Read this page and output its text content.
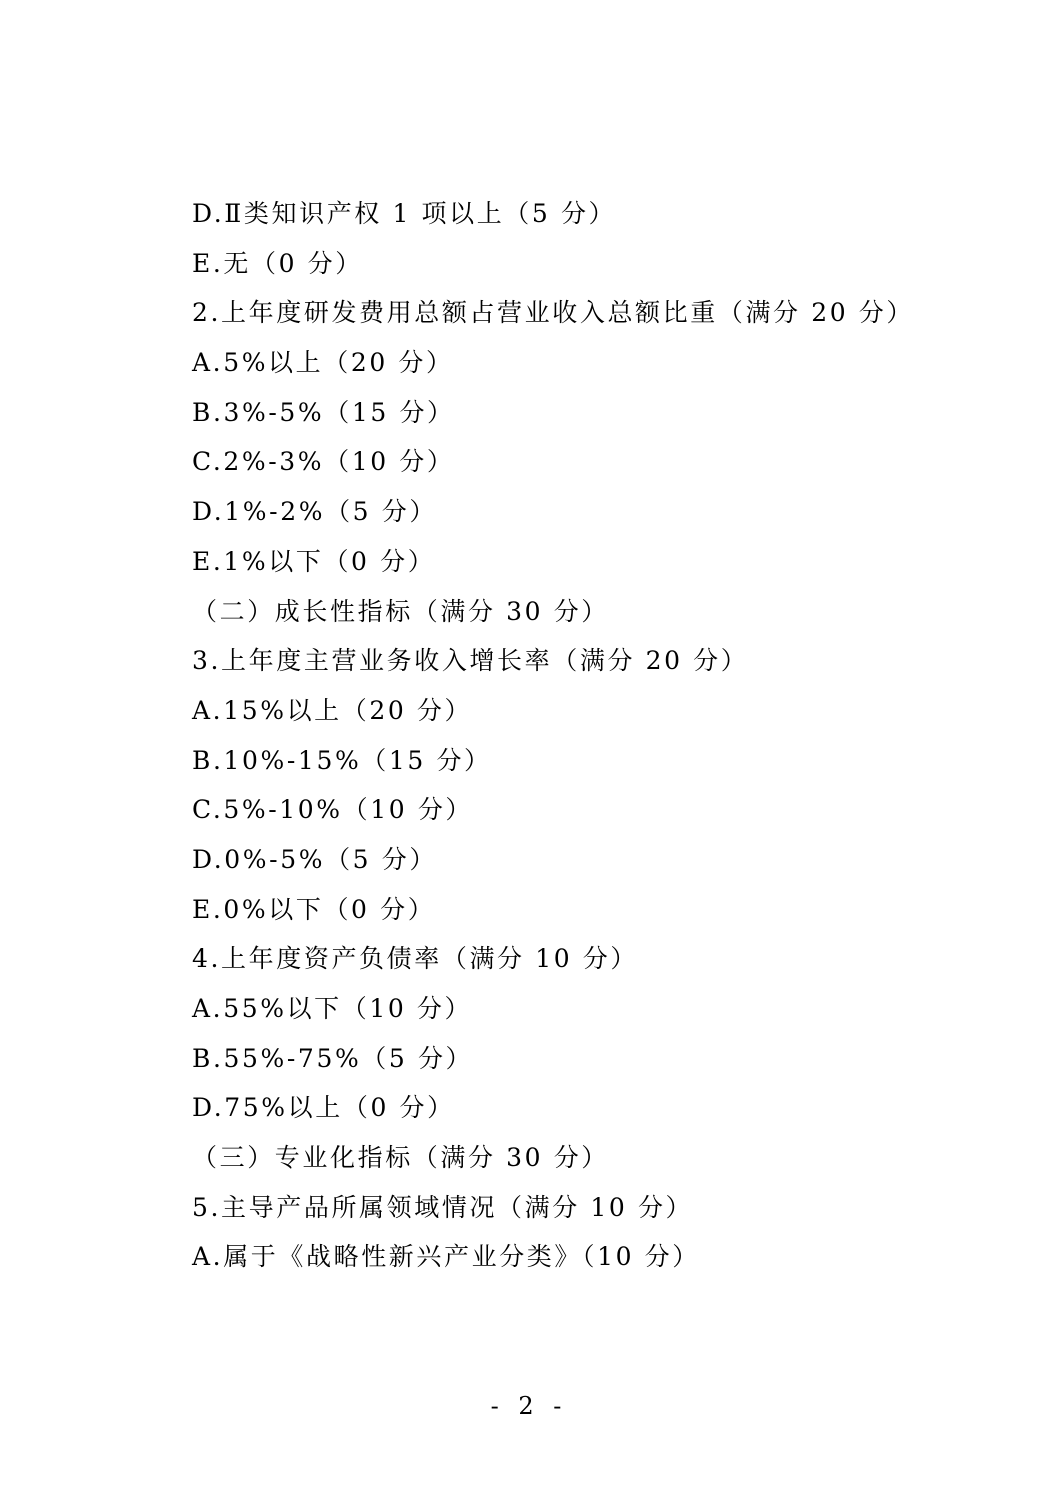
D.Ⅱ类知识产权 1 项以上（5 分）
E.无（0 分）
2.上年度研发费用总额占营业收入总额比重（满分 20 分）
A.5%以上（20 分）
B.3%-5%（15 分）
C.2%-3%（10 分）
D.1%-2%（5 分）
E.1%以下（0 分）
（二）成长性指标（满分 30 分）
3.上年度主营业务收入增长率（满分 20 分）
A.15%以上（20 分）
B.10%-15%（15 分）
C.5%-10%（10 分）
D.0%-5%（5 分）
E.0%以下（0 分）
4.上年度资产负债率（满分 10 分）
A.55%以下（10 分）
B.55%-75%（5 分）
D.75%以上（0 分）
（三）专业化指标（满分 30 分）
5.主导产品所属领域情况（满分 10 分）
A.属于《战略性新兴产业分类》（10 分）
- 2 -
